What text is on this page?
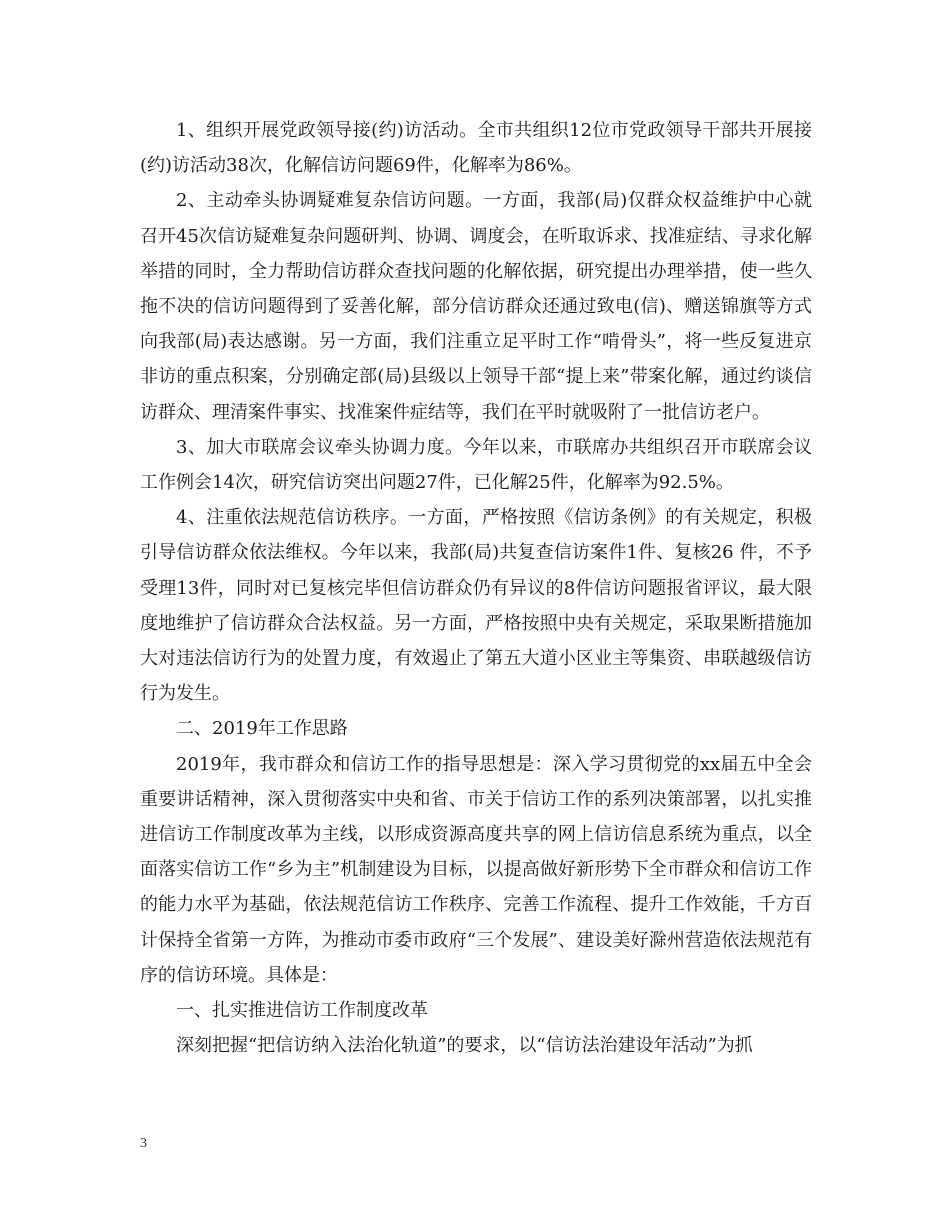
1、组织开展党政领导接(约)访活动。全市共组织12位市党政领导干部共开展接(约)访活动38次，化解信访问题69件，化解率为86%。

2、主动牵头协调疑难复杂信访问题。一方面，我部(局)仅群众权益维护中心就召开45次信访疑难复杂问题研判、协调、调度会，在听取诉求、找准症结、寻求化解举措的同时，全力帮助信访群众查找问题的化解依据，研究提出办理举措，使一些久拖不决的信访问题得到了妥善化解，部分信访群众还通过致电(信)、赠送锦旗等方式向我部(局)表达感谢。另一方面，我们注重立足平时工作“啃骨头”，将一些反复进京非访的重点积案，分别确定部(局)县级以上领导干部“提上来”带案化解，通过约谈信访群众、理清案件事实、找准案件症结等，我们在平时就吸附了一批信访老户。

3、加大市联席会议牵头协调力度。今年以来，市联席办共组织召开市联席会议工作例会14次，研究信访突出问题27件，已化解25件，化解率为92.5%。

4、注重依法规范信访秩序。一方面，严格按照《信访条例》的有关规定，积极引导信访群众依法维权。今年以来，我部(局)共复查信访案件1件、复核26 件，不予受理13件，同时对已复核完毕但信访群众仍有异议的8件信访问题报省评议，最大限度地维护了信访群众合法权益。另一方面，严格按照中央有关规定，采取果断措施加大对违法信访行为的处置力度，有效遏止了第五大道小区业主等集资、串联越级信访行为发生。

二、2019年工作思路

2019年，我市群众和信访工作的指导思想是：深入学习贯彻党的xx届五中全会重要讲话精神，深入贯彻落实中央和省、市关于信访工作的系列决策部署，以扎实推进信访工作制度改革为主线，以形成资源高度共享的网上信访信息系统为重点，以全面落实信访工作“乡为主”机制建设为目标，以提高做好新形势下全市群众和信访工作的能力水平为基础，依法规范信访工作秩序、完善工作流程、提升工作效能，千方百计保持全省第一方阵，为推动市委市政府“三个发展”、建设美好滁州营造依法规范有序的信访环境。具体是：

一、扎实推进信访工作制度改革

深刻把握“把信访纳入法治化轨道”的要求，以“信访法治建设年活动”为抓

3
